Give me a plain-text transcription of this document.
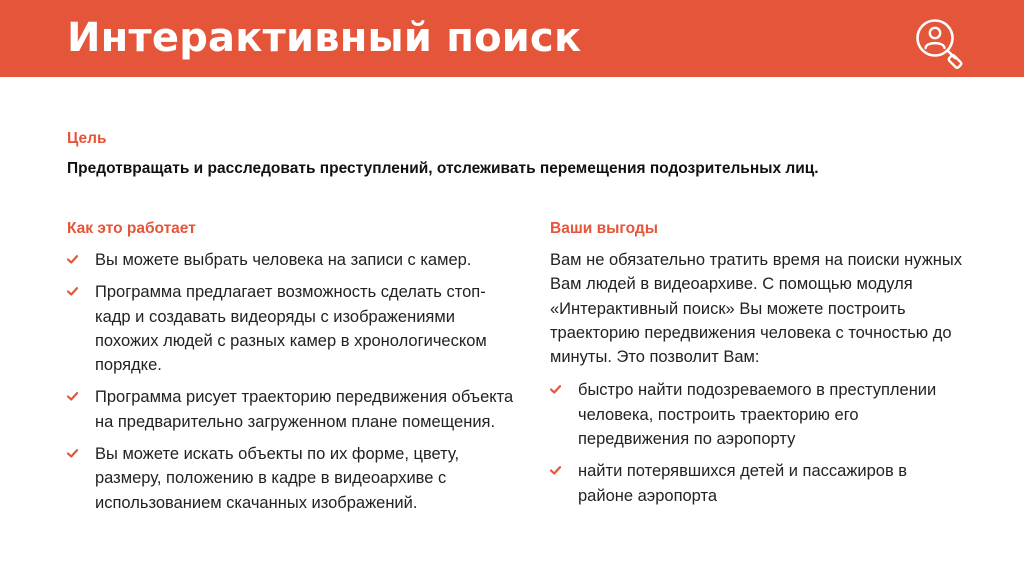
Интерактивный поиск
Цель

Предотвращать и расследовать преступлений, отслеживать перемещения подозрительных лиц.

Как это работает
Вы можете выбрать человека на записи с камер.
Программа предлагает возможность сделать стоп-кадр и создавать видеоряды с изображениями похожих людей с разных камер в хронологическом порядке.
Программа рисует траекторию передвижения объекта на предварительно загруженном плане помещения.
Вы можете искать объекты по их форме, цвету, размеру, положению в кадре в видеоархиве с использованием скачанных изображений.
Ваши выгоды

Вам не обязательно тратить время на поиски нужных Вам людей в видеоархиве. С помощью модуля «Интерактивный поиск» Вы можете построить траекторию передвижения человека с точностью до минуты. Это позволит Вам:

быстро найти подозреваемого в преступлении человека, построить траекторию его передвижения по аэропорту
найти потерявшихся детей и пассажиров в районе аэропорта
